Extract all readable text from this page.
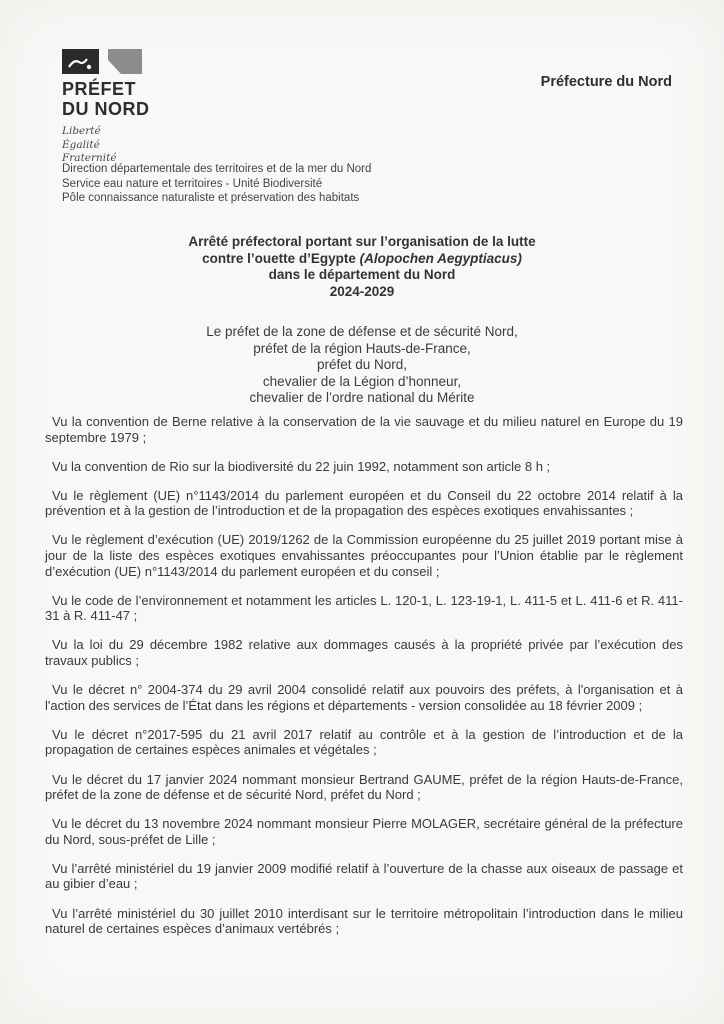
PRÉFET
DU NORD
Liberté
Égalité
Fraternité
Préfecture du Nord
Direction départementale des territoires et de la mer du Nord
Service eau nature et territoires - Unité Biodiversité
Pôle connaissance naturaliste et préservation des habitats
Arrêté préfectoral portant sur l’organisation de la lutte
contre l’ouette d’Egypte (Alopochen Aegyptiacus)
dans le département du Nord
2024-2029
Le préfet de la zone de défense et de sécurité Nord,
préfet de la région Hauts-de-France,
préfet du Nord,
chevalier de la Légion d’honneur,
chevalier de l’ordre national du Mérite

Vu la convention de Berne relative à la conservation de la vie sauvage et du milieu naturel en Europe du 19 septembre 1979 ;

Vu la convention de Rio sur la biodiversité du 22 juin 1992, notamment son article 8 h ;

Vu le règlement (UE) n°1143/2014 du parlement européen et du Conseil du 22 octobre 2014 relatif à la prévention et à la gestion de l’introduction et de la propagation des espèces exotiques envahissantes ;

Vu le règlement d’exécution (UE) 2019/1262 de la Commission européenne du 25 juillet 2019 portant mise à jour de la liste des espèces exotiques envahissantes préoccupantes pour l’Union établie par le règlement d’exécution (UE) n°1143/2014 du parlement européen et du conseil ;

Vu le code de l’environnement et notamment les articles L. 120-1, L. 123-19-1, L. 411-5 et L. 411-6 et R. 411-31 à R. 411-47 ;

Vu la loi du 29 décembre 1982 relative aux dommages causés à la propriété privée par l’exécution des travaux publics ;

Vu le décret n° 2004-374 du 29 avril 2004 consolidé relatif aux pouvoirs des préfets, à l'organisation et à l'action des services de l’État dans les régions et départements - version consolidée au 18 février 2009 ;

Vu le décret n°2017-595 du 21 avril 2017 relatif au contrôle et à la gestion de l’introduction et de la propagation de certaines espèces animales et végétales ;

Vu le décret du 17 janvier 2024 nommant monsieur Bertrand GAUME, préfet de la région Hauts-de-France, préfet de la zone de défense et de sécurité Nord, préfet du Nord ;

Vu le décret du 13 novembre 2024 nommant monsieur Pierre MOLAGER, secrétaire général de la préfecture du Nord, sous-préfet de Lille ;

Vu l’arrêté ministériel du 19 janvier 2009 modifié relatif à l’ouverture de la chasse aux oiseaux de passage et au gibier d’eau ;

Vu l’arrêté ministériel du 30 juillet 2010 interdisant sur le territoire métropolitain l’introduction dans le milieu naturel de certaines espèces d’animaux vertébrés ;
